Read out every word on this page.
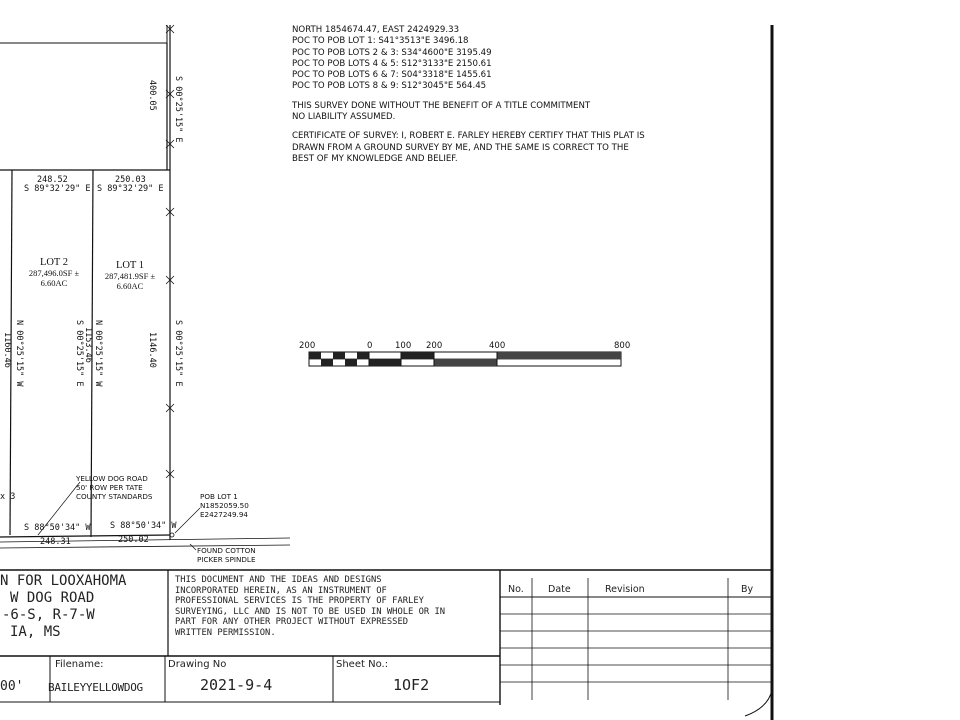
NORTH 1854674.47, EAST 2424929.33
POC TO POB LOT 1: S41°3513"E 3496.18
POC TO POB LOTS 2 & 3: S34°4600"E 3195.49
POC TO POB LOTS 4 & 5: S12°3133"E 2150.61
POC TO POB LOTS 6 & 7: S04°3318"E 1455.61
POC TO POB LOTS 8 & 9: S12°3045"E 564.45
THIS SURVEY DONE WITHOUT THE BENEFIT OF A TITLE COMMITMENT
NO LIABILITY ASSUMED.
CERTIFICATE OF SURVEY: I, ROBERT E. FARLEY HEREBY CERTIFY THAT THIS PLAT IS
DRAWN FROM A GROUND SURVEY BY ME, AND THE SAME IS CORRECT TO THE
BEST OF MY KNOWLEDGE AND BELIEF.
200	0	100 200	400	800
248.52
S 89°32'29" E
250.03
S 89°32'29" E
LOT 2
287,496.0SF ±
6.60AC
LOT 1
287,481.9SF ±
6.60AC
S 00°25'15" E
400.05
S 00°25'15" E
1146.40
N 00°25'15" W
1153.46
S 00°25'15" E
N 00°25'15" W
1160.46
YELLOW DOG ROAD
50' ROW PER TATE
COUNTY STANDARDS
x 3
S 88°50'34" W S 88°50'34" W
248.31	250.02
POB LOT 1
N1852059.50
E2427249.94
FOUND COTTON
PICKER SPINDLE
N FOR LOOXAHOMA
W DOG ROAD
-6-S, R-7-W
IA, MS
THIS DOCUMENT AND THE IDEAS AND DESIGNS
INCORPORATED HEREIN, AS AN INSTRUMENT OF
PROFESSIONAL SERVICES IS THE PROPERTY OF FARLEY
SURVEYING, LLC AND IS NOT TO BE USED IN WHOLE OR IN
PART FOR ANY OTHER PROJECT WITHOUT EXPRESSED
WRITTEN PERMISSION.
No.	Date	Revision	By
00'
Filename:
BAILEYYELLOWDOG
Drawing No
2021-9-4
Sheet No.:
1OF2
